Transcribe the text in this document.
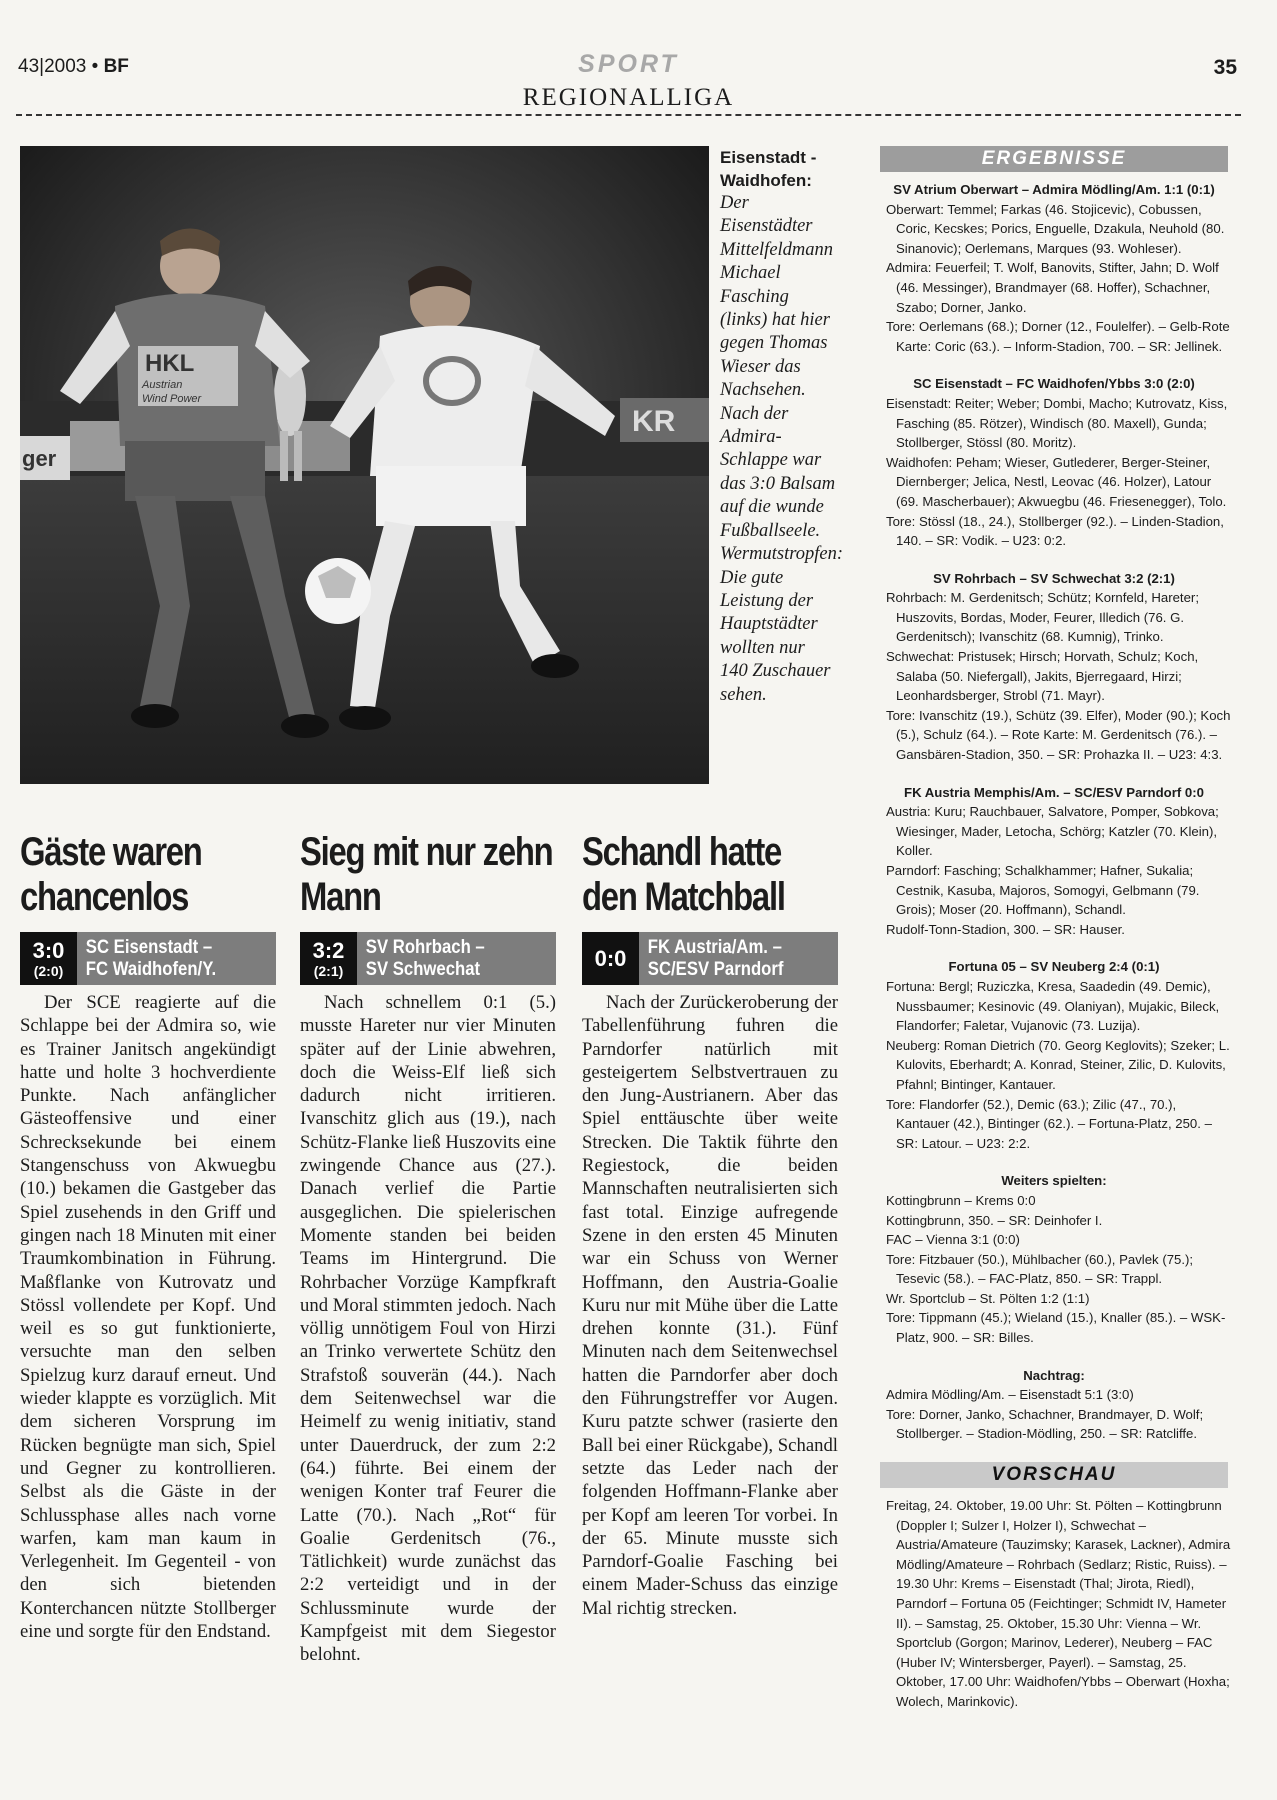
43|2003 • BF	SPORT	35
REGIONALLIGA
ger
KR
HKL
Austrian
Wind Power
Eisenstadt - Waidhofen:
Der Eisenstädter Mittelfeldmann Michael Fasching (links) hat hier gegen Thomas Wieser das Nachsehen. Nach der Admira-Schlappe war das 3:0 Balsam auf die wunde Fußballseele. Wermutstropfen: Die gute Leistung der Hauptstädter wollten nur 140 Zuschauer sehen.
Gäste waren chancenlos
3:0
(2:0)
SC Eisenstadt –
FC Waidhofen/Y.

Der SCE reagierte auf die Schlappe bei der Admira so, wie es Trainer Janitsch angekündigt hatte und holte 3 hochverdiente Punkte. Nach anfänglicher Gästeoffensive und einer Schrecksekunde bei einem Stangenschuss von Akwuegbu (10.) bekamen die Gastgeber das Spiel zusehends in den Griff und gingen nach 18 Minuten mit einer Traumkombination in Führung. Maßflanke von Kutrovatz und Stössl vollendete per Kopf. Und weil es so gut funktionierte, versuchte man den selben Spielzug kurz darauf erneut. Und wieder klappte es vorzüglich. Mit dem sicheren Vorsprung im Rücken begnügte man sich, Spiel und Gegner zu kontrollieren. Selbst als die Gäste in der Schlussphase alles nach vorne warfen, kam man kaum in Verlegenheit. Im Gegenteil - von den sich bietenden Konterchancen nützte Stollberger eine und sorgte für den Endstand.

Sieg mit nur zehn Mann
3:2
(2:1)
SV Rohrbach –
SV Schwechat

Nach schnellem 0:1 (5.) musste Hareter nur vier Minuten später auf der Linie abwehren, doch die Weiss-Elf ließ sich dadurch nicht irritieren. Ivanschitz glich aus (19.), nach Schütz-Flanke ließ Huszovits eine zwingende Chance aus (27.). Danach verlief die Partie ausgeglichen. Die spielerischen Momente standen bei beiden Teams im Hintergrund. Die Rohrbacher Vorzüge Kampfkraft und Moral stimmten jedoch. Nach völlig unnötigem Foul von Hirzi an Trinko verwertete Schütz den Strafstoß souverän (44.). Nach dem Seitenwechsel war die Heimelf zu wenig initiativ, stand unter Dauerdruck, der zum 2:2 (64.) führte. Bei einem der wenigen Konter traf Feurer die Latte (70.). Nach „Rot“ für Goalie Gerdenitsch (76., Tätlichkeit) wurde zunächst das 2:2 verteidigt und in der Schlussminute wurde der Kampfgeist mit dem Siegestor belohnt.

Schandl hatte den Matchball
0:0 FK Austria/Am. –
SC/ESV Parndorf

Nach der Zurückeroberung der Tabellenführung fuhren die Parndorfer natürlich mit gesteigertem Selbstvertrauen zu den Jung-Austrianern. Aber das Spiel enttäuschte über weite Strecken. Die Taktik führte den Regiestock, die beiden Mannschaften neutralisierten sich fast total. Einzige aufregende Szene in den ersten 45 Minuten war ein Schuss von Werner Hoffmann, den Austria-Goalie Kuru nur mit Mühe über die Latte drehen konnte (31.). Fünf Minuten nach dem Seitenwechsel hatten die Parndorfer aber doch den Führungstreffer vor Augen. Kuru patzte schwer (rasierte den Ball bei einer Rückgabe), Schandl setzte das Leder nach der folgenden Hoffmann-Flanke aber per Kopf am leeren Tor vorbei. In der 65. Minute musste sich Parndorf-Goalie Fasching bei einem Mader-Schuss das einzige Mal richtig strecken.

ERGEBNISSE

SV Atrium Oberwart – Admira Mödling/Am. 1:1 (0:1)

Oberwart: Temmel; Farkas (46. Stojicevic), Cobussen, Coric, Kecskes; Porics, Enguelle, Dzakula, Neuhold (80. Sinanovic); Oerlemans, Marques (93. Wohleser).

Admira: Feuerfeil; T. Wolf, Banovits, Stifter, Jahn; D. Wolf (46. Messinger), Brandmayer (68. Hoffer), Schachner, Szabo; Dorner, Janko.

Tore: Oerlemans (68.); Dorner (12., Foulelfer). – Gelb-Rote Karte: Coric (63.). – Inform-Stadion, 700. – SR: Jellinek.

SC Eisenstadt – FC Waidhofen/Ybbs 3:0 (2:0)

Eisenstadt: Reiter; Weber; Dombi, Macho; Kutrovatz, Kiss, Fasching (85. Rötzer), Windisch (80. Maxell), Gunda; Stollberger, Stössl (80. Moritz).

Waidhofen: Peham; Wieser, Gutlederer, Berger-Steiner, Diernberger; Jelica, Nestl, Leovac (46. Holzer), Latour (69. Mascherbauer); Akwuegbu (46. Friesenegger), Tolo.

Tore: Stössl (18., 24.), Stollberger (92.). – Linden-Stadion, 140. – SR: Vodik. – U23: 0:2.

SV Rohrbach – SV Schwechat 3:2 (2:1)

Rohrbach: M. Gerdenitsch; Schütz; Kornfeld, Hareter; Huszovits, Bordas, Moder, Feurer, Illedich (76. G. Gerdenitsch); Ivanschitz (68. Kumnig), Trinko.

Schwechat: Pristusek; Hirsch; Horvath, Schulz; Koch, Salaba (50. Niefergall), Jakits, Bjerregaard, Hirzi; Leonhardsberger, Strobl (71. Mayr).

Tore: Ivanschitz (19.), Schütz (39. Elfer), Moder (90.); Koch (5.), Schulz (64.). – Rote Karte: M. Gerdenitsch (76.). – Gansbären-Stadion, 350. – SR: Prohazka II. – U23: 4:3.

FK Austria Memphis/Am. – SC/ESV Parndorf 0:0

Austria: Kuru; Rauchbauer, Salvatore, Pomper, Sobkova; Wiesinger, Mader, Letocha, Schörg; Katzler (70. Klein), Koller.

Parndorf: Fasching; Schalkhammer; Hafner, Sukalia; Cestnik, Kasuba, Majoros, Somogyi, Gelbmann (79. Grois); Moser (20. Hoffmann), Schandl.

Rudolf-Tonn-Stadion, 300. – SR: Hauser.

Fortuna 05 – SV Neuberg 2:4 (0:1)

Fortuna: Bergl; Ruziczka, Kresa, Saadedin (49. Demic), Nussbaumer; Kesinovic (49. Olaniyan), Mujakic, Bileck, Flandorfer; Faletar, Vujanovic (73. Luzija).

Neuberg: Roman Dietrich (70. Georg Keglovits); Szeker; L. Kulovits, Eberhardt; A. Konrad, Steiner, Zilic, D. Kulovits, Pfahnl; Bintinger, Kantauer.

Tore: Flandorfer (52.), Demic (63.); Zilic (47., 70.), Kantauer (42.), Bintinger (62.). – Fortuna-Platz, 250. – SR: Latour. – U23: 2:2.

Weiters spielten:

Kottingbrunn – Krems 0:0

Kottingbrunn, 350. – SR: Deinhofer I.

FAC – Vienna 3:1 (0:0)

Tore: Fitzbauer (50.), Mühlbacher (60.), Pavlek (75.); Tesevic (58.). – FAC-Platz, 850. – SR: Trappl.

Wr. Sportclub – St. Pölten 1:2 (1:1)

Tore: Tippmann (45.); Wieland (15.), Knaller (85.). – WSK-Platz, 900. – SR: Billes.

Nachtrag:

Admira Mödling/Am. – Eisenstadt 5:1 (3:0)

Tore: Dorner, Janko, Schachner, Brandmayer, D. Wolf; Stollberger. – Stadion-Mödling, 250. – SR: Ratcliffe.

VORSCHAU

Freitag, 24. Oktober, 19.00 Uhr: St. Pölten – Kottingbrunn (Doppler I; Sulzer I, Holzer I), Schwechat – Austria/Amateure (Tauzimsky; Karasek, Lackner), Admira Mödling/Amateure – Rohrbach (Sedlarz; Ristic, Ruiss). – 19.30 Uhr: Krems – Eisenstadt (Thal; Jirota, Riedl), Parndorf – Fortuna 05 (Feichtinger; Schmidt IV, Hameter II). – Samstag, 25. Oktober, 15.30 Uhr: Vienna – Wr. Sportclub (Gorgon; Marinov, Lederer), Neuberg – FAC (Huber IV; Wintersberger, Payerl). – Samstag, 25. Oktober, 17.00 Uhr: Waidhofen/Ybbs – Oberwart (Hoxha; Wolech, Marinkovic).
